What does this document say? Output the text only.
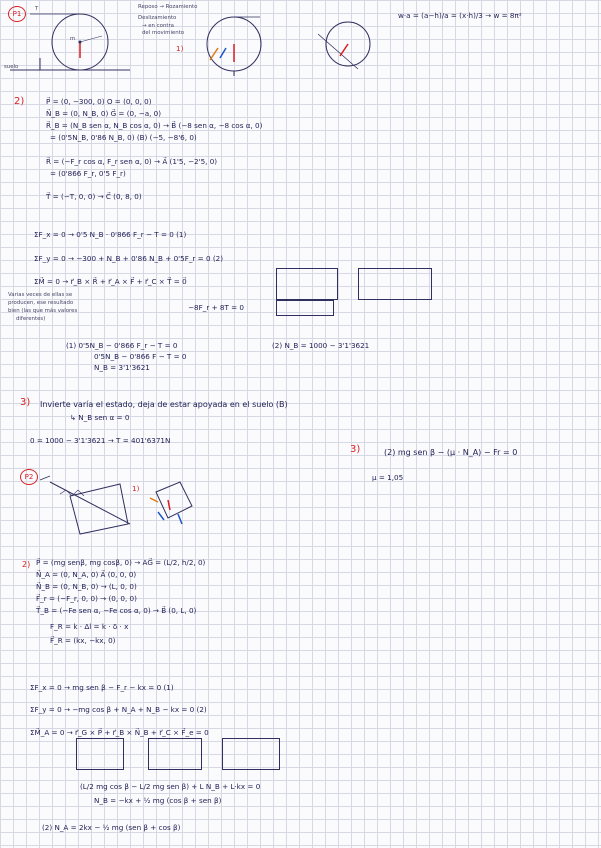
P1
T
m
suelo
Reposo → Rozamiento
Deslizamiento
→ en contra
del movimiento
1)
w·a = (a−h)/a = (x·h)/3 → w = 8π²
2)	P⃗ = (0, −300, 0) O = (0, 0, 0)
N⃗_B = (0, N_B, 0) G⃗ = (0, −a, 0)
R⃗_B = (N_B sen α, N_B cos α, 0) → B⃗ (−8 sen α, −8 cos α, 0)
= (0'5N_B, 0'86 N_B, 0) (B) (−5, −8'6, 0)
R⃗ = (−F_r cos α, F_r sen α, 0) → A⃗ (1'5, −2'5, 0)
= (0'866 F_r, 0'5 F_r)
T⃗ = (−T, 0, 0) → C⃗ (0, 8, 0)
ΣF_x = 0 → 0'5 N_B · 0'866 F_r − T = 0 (1)
ΣF_y = 0 → −300 + N_B + 0'86 N_B + 0'5F_r = 0 (2)
ΣM⃗ = 0 → r⃗_B × R⃗ + r⃗_A × F⃗ + r⃗_C × T⃗ = 0⃗
−8F_r + 8T = 0
Varias veces de ellas se
producen, ese resultado
bien (las que más valores
diferentes)
(1) 0'5N_B − 0'866 F_r − T = 0
0'5N_B − 0'866 F − T = 0
N_B = 3'1'3621
(2) N_B = 1000 − 3'1'3621
3) Invierte varía el estado, deja de estar apoyada en el suelo (B)
↳ N_B sen α = 0
0 = 1000 − 3'1'3621 → T = 401'6371N
3)	(2) mg sen β − (μ · N_A) − Fr = 0
μ = 1,05
P2
1)
2) P⃗ = (mg senβ, mg cosβ, 0) → AG⃗ = (L/2, h/2, 0)
N⃗_A = (0, N_A, 0) A⃗ (0, 0, 0)
N⃗_B = (0, N_B, 0) → (L, 0, 0)
F⃗_r = (−F_r, 0, 0) → (0, 0, 0)
T⃗_B = (−Fe sen α, −Fe cos α, 0) → B⃗ (0, L, 0)
F_R = k · Δl = k · δ · x
F⃗_R = (kx, −kx, 0)
ΣF_x = 0 → mg sen β − F_r − kx = 0 (1)
ΣF_y = 0 → −mg cos β + N_A + N_B − kx = 0 (2)
ΣM⃗_A = 0 → r⃗_G × P⃗ + r⃗_B × N⃗_B + r⃗_C × F⃗_e = 0
(L/2 mg cos β − L/2 mg sen β) + L N_B + L·kx = 0
N_B = −kx + ½ mg (cos β + sen β)
(2) N_A = 2kx − ½ mg (sen β + cos β)
